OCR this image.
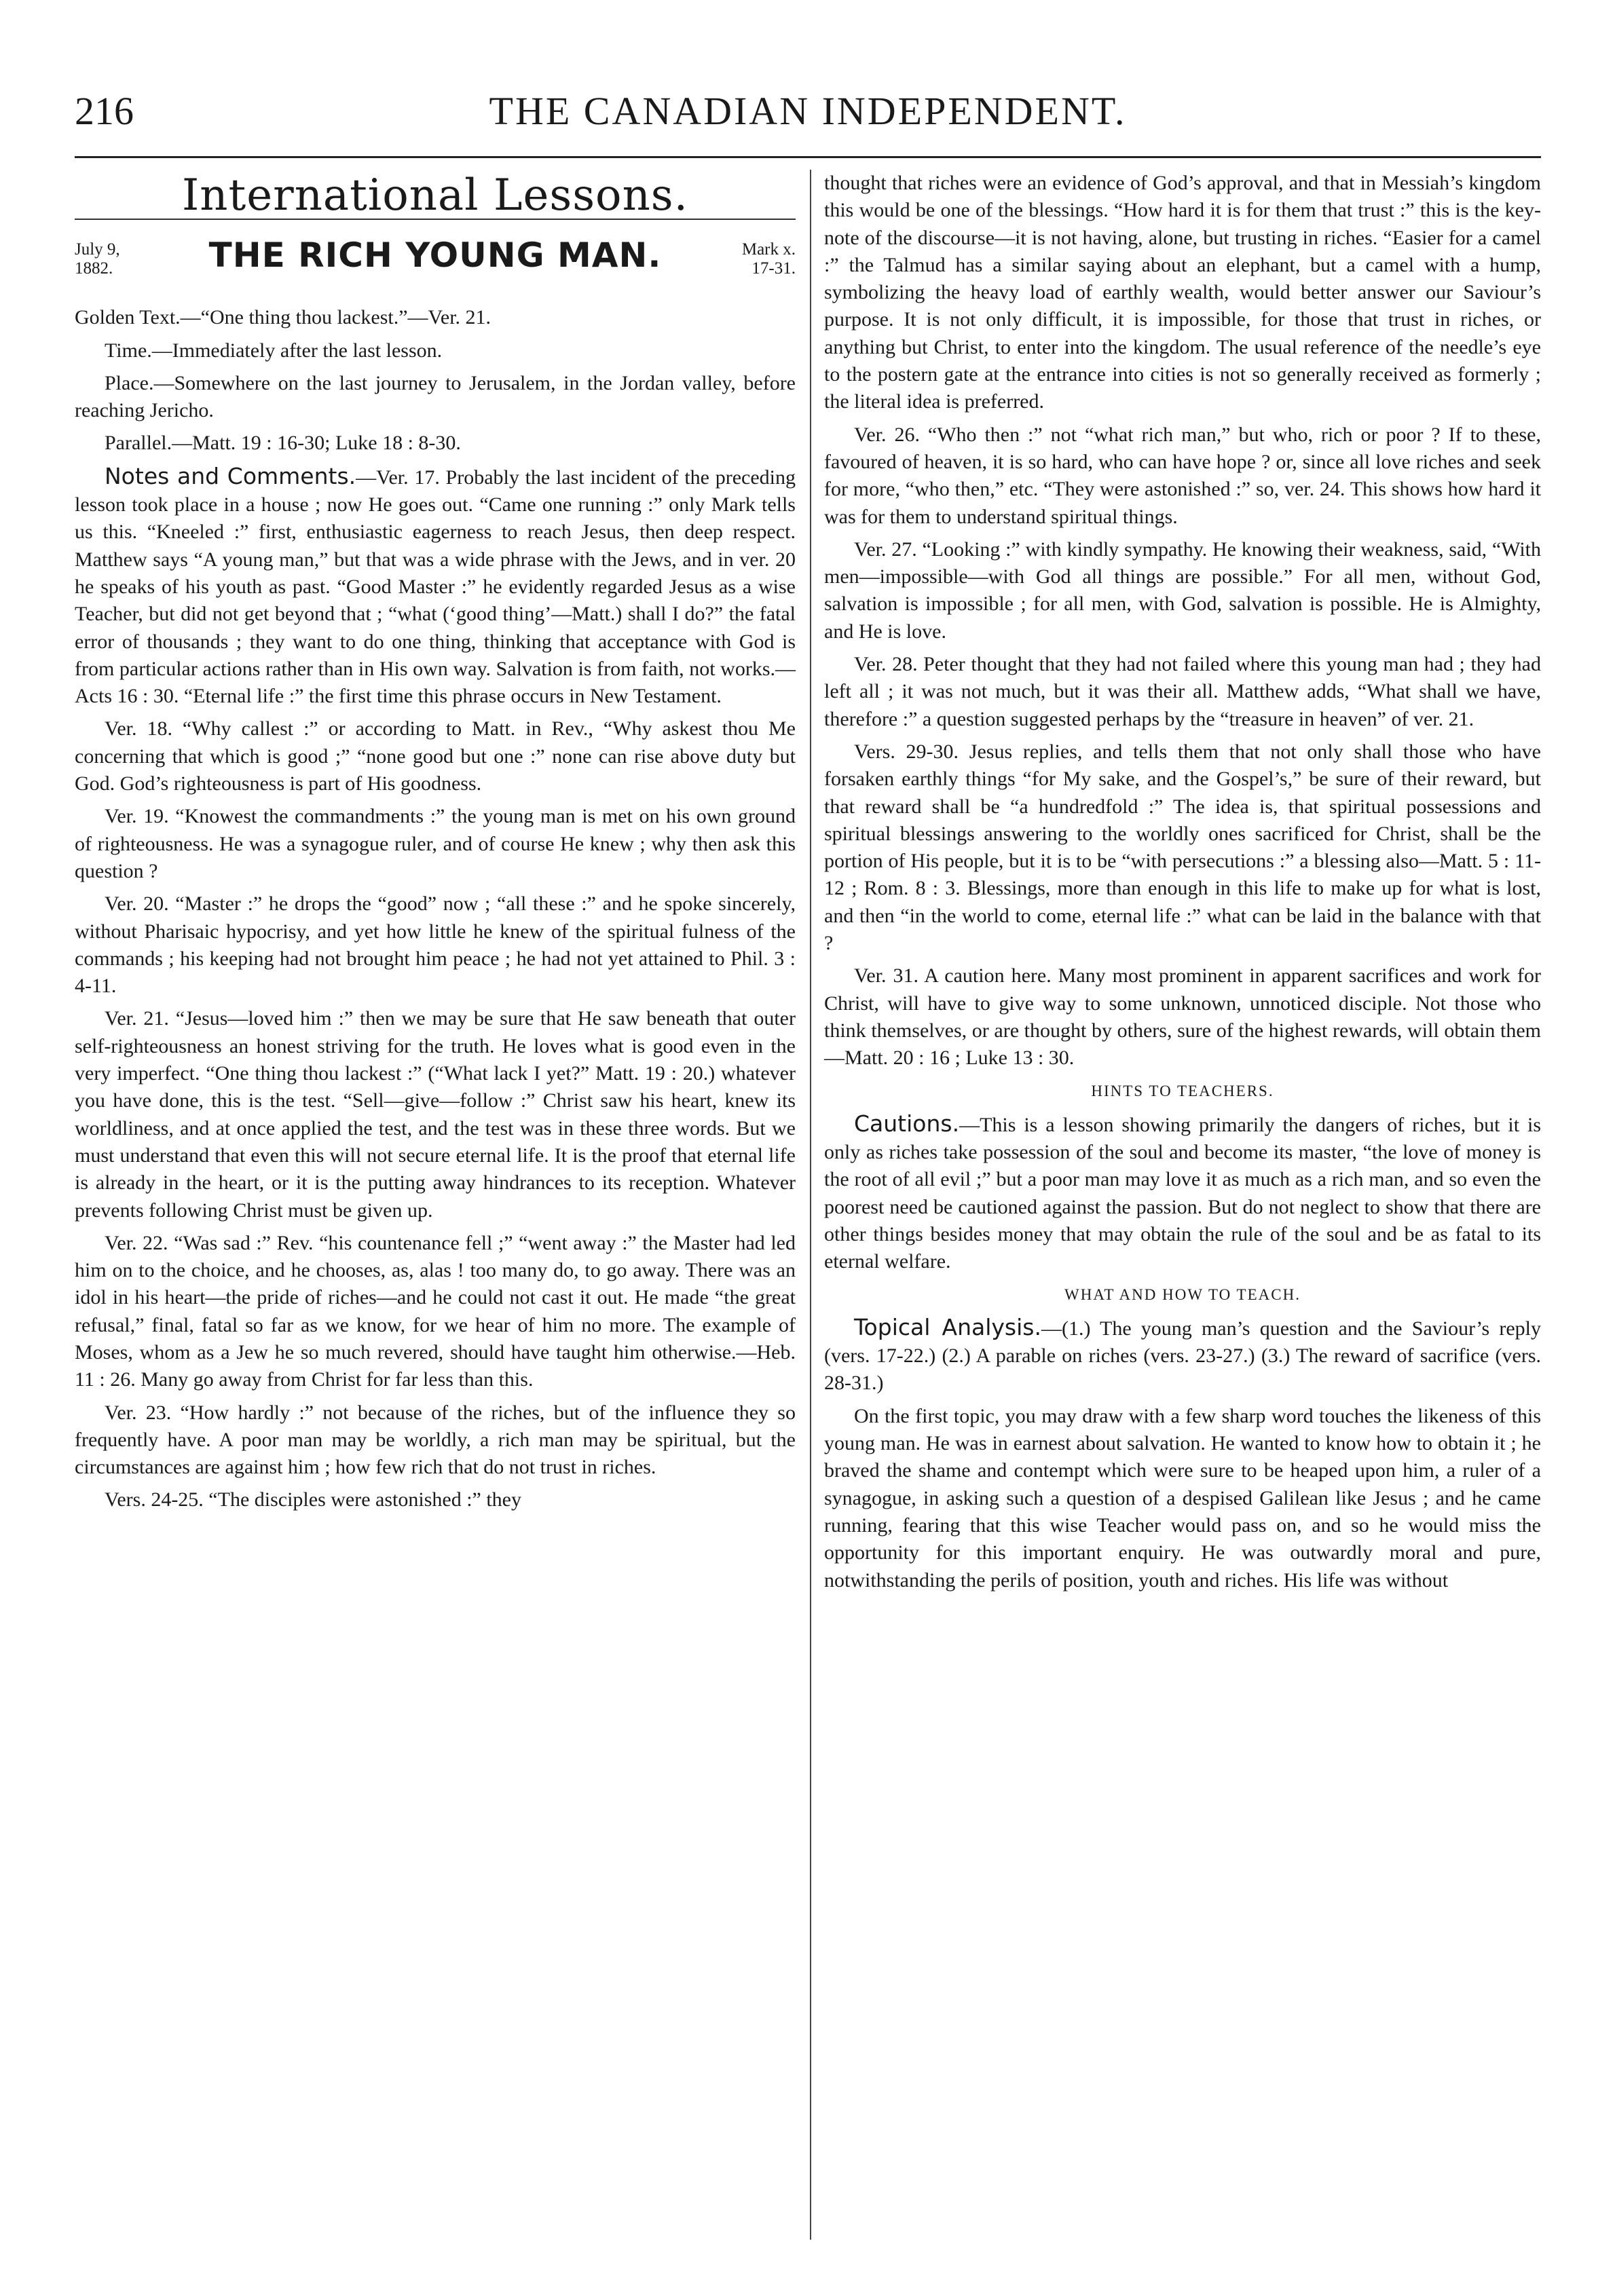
216	THE CANADIAN INDEPENDENT.
International Lessons.
July 9,
1882.	THE RICH YOUNG MAN.	Mark x.
17-31.

Golden Text.—“One thing thou lackest.”—Ver. 21.

Time.—Immediately after the last lesson.

Place.—Somewhere on the last journey to Jerusalem, in the Jordan valley, before reaching Jericho.

Parallel.—Matt. 19 : 16-30; Luke 18 : 8-30.

Notes and Comments.—Ver. 17. Probably the last incident of the preceding lesson took place in a house ; now He goes out. “Came one running :” only Mark tells us this. “Kneeled :” first, enthusiastic eagerness to reach Jesus, then deep respect. Matthew says “A young man,” but that was a wide phrase with the Jews, and in ver. 20 he speaks of his youth as past. “Good Master :” he evidently regarded Jesus as a wise Teacher, but did not get beyond that ; “what (‘good thing’—Matt.) shall I do?” the fatal error of thousands ; they want to do one thing, thinking that acceptance with God is from particular actions rather than in His own way. Salvation is from faith, not works.—Acts 16 : 30. “Eternal life :” the first time this phrase occurs in New Testament.

Ver. 18. “Why callest :” or according to Matt. in Rev., “Why askest thou Me concerning that which is good ;” “none good but one :” none can rise above duty but God. God’s righteousness is part of His goodness.

Ver. 19. “Knowest the commandments :” the young man is met on his own ground of righteousness. He was a synagogue ruler, and of course He knew ; why then ask this question ?

Ver. 20. “Master :” he drops the “good” now ; “all these :” and he spoke sincerely, without Pharisaic hypocrisy, and yet how little he knew of the spiritual fulness of the commands ; his keeping had not brought him peace ; he had not yet attained to Phil. 3 : 4-11.

Ver. 21. “Jesus—loved him :” then we may be sure that He saw beneath that outer self-righteousness an honest striving for the truth. He loves what is good even in the very imperfect. “One thing thou lackest :” (“What lack I yet?” Matt. 19 : 20.) whatever you have done, this is the test. “Sell—give—follow :” Christ saw his heart, knew its worldliness, and at once applied the test, and the test was in these three words. But we must understand that even this will not secure eternal life. It is the proof that eternal life is already in the heart, or it is the putting away hindrances to its reception. Whatever prevents following Christ must be given up.

Ver. 22. “Was sad :” Rev. “his countenance fell ;” “went away :” the Master had led him on to the choice, and he chooses, as, alas ! too many do, to go away. There was an idol in his heart—the pride of riches—and he could not cast it out. He made “the great refusal,” final, fatal so far as we know, for we hear of him no more. The example of Moses, whom as a Jew he so much revered, should have taught him otherwise.—Heb. 11 : 26. Many go away from Christ for far less than this.

Ver. 23. “How hardly :” not because of the riches, but of the influence they so frequently have. A poor man may be worldly, a rich man may be spiritual, but the circumstances are against him ; how few rich that do not trust in riches.

Vers. 24-25. “The disciples were astonished :” they

thought that riches were an evidence of God’s approval, and that in Messiah’s kingdom this would be one of the blessings. “How hard it is for them that trust :” this is the key-note of the discourse—it is not having, alone, but trusting in riches. “Easier for a camel :” the Talmud has a similar saying about an elephant, but a camel with a hump, symbolizing the heavy load of earthly wealth, would better answer our Saviour’s purpose. It is not only difficult, it is impossible, for those that trust in riches, or anything but Christ, to enter into the kingdom. The usual reference of the needle’s eye to the postern gate at the entrance into cities is not so generally received as formerly ; the literal idea is preferred.

Ver. 26. “Who then :” not “what rich man,” but who, rich or poor ? If to these, favoured of heaven, it is so hard, who can have hope ? or, since all love riches and seek for more, “who then,” etc. “They were astonished :” so, ver. 24. This shows how hard it was for them to understand spiritual things.

Ver. 27. “Looking :” with kindly sympathy. He knowing their weakness, said, “With men—impossible—with God all things are possible.” For all men, without God, salvation is impossible ; for all men, with God, salvation is possible. He is Almighty, and He is love.

Ver. 28. Peter thought that they had not failed where this young man had ; they had left all ; it was not much, but it was their all. Matthew adds, “What shall we have, therefore :” a question suggested perhaps by the “treasure in heaven” of ver. 21.

Vers. 29-30. Jesus replies, and tells them that not only shall those who have forsaken earthly things “for My sake, and the Gospel’s,” be sure of their reward, but that reward shall be “a hundredfold :” The idea is, that spiritual possessions and spiritual blessings answering to the worldly ones sacrificed for Christ, shall be the portion of His people, but it is to be “with persecutions :” a blessing also—Matt. 5 : 11-12 ; Rom. 8 : 3. Blessings, more than enough in this life to make up for what is lost, and then “in the world to come, eternal life :” what can be laid in the balance with that ?

Ver. 31. A caution here. Many most prominent in apparent sacrifices and work for Christ, will have to give way to some unknown, unnoticed disciple. Not those who think themselves, or are thought by others, sure of the highest rewards, will obtain them—Matt. 20 : 16 ; Luke 13 : 30.

HINTS TO TEACHERS.

Cautions.—This is a lesson showing primarily the dangers of riches, but it is only as riches take possession of the soul and become its master, “the love of money is the root of all evil ;” but a poor man may love it as much as a rich man, and so even the poorest need be cautioned against the passion. But do not neglect to show that there are other things besides money that may obtain the rule of the soul and be as fatal to its eternal welfare.

WHAT AND HOW TO TEACH.

Topical Analysis.—(1.) The young man’s question and the Saviour’s reply (vers. 17-22.) (2.) A parable on riches (vers. 23-27.) (3.) The reward of sacrifice (vers. 28-31.)

On the first topic, you may draw with a few sharp word touches the likeness of this young man. He was in earnest about salvation. He wanted to know how to obtain it ; he braved the shame and contempt which were sure to be heaped upon him, a ruler of a synagogue, in asking such a question of a despised Galilean like Jesus ; and he came running, fearing that this wise Teacher would pass on, and so he would miss the opportunity for this important enquiry. He was outwardly moral and pure, notwithstanding the perils of position, youth and riches. His life was without
